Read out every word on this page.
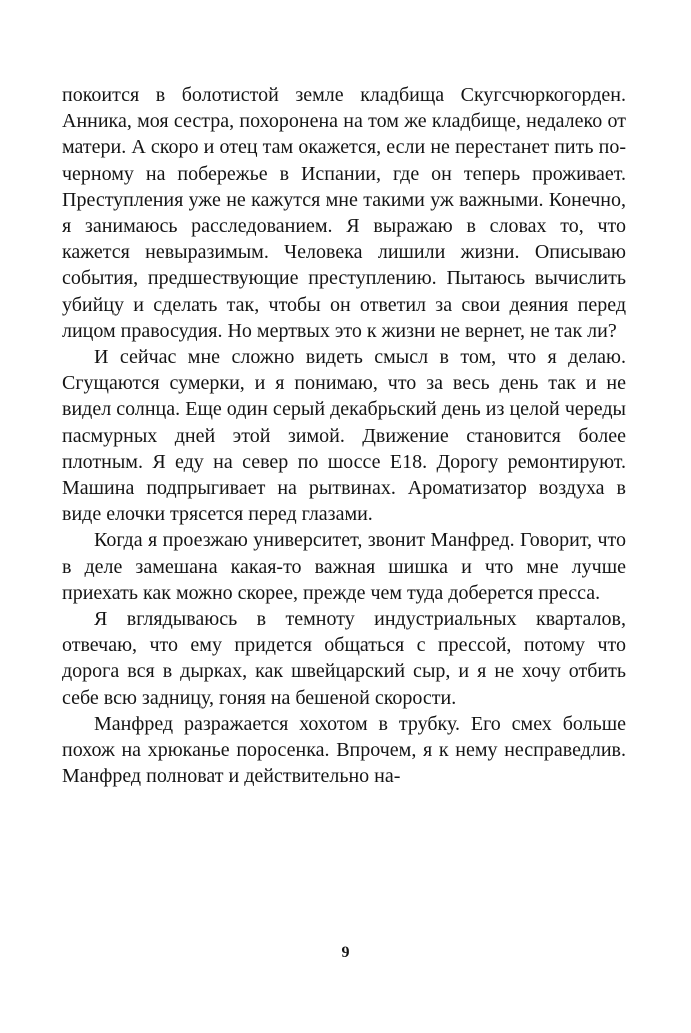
покоится в болотистой земле кладбища Скугсчюркогорден. Анника, моя сестра, похоронена на том же кладбище, недалеко от матери. А скоро и отец там окажется, если не перестанет пить по-черному на побережье в Испании, где он теперь проживает. Преступления уже не кажутся мне такими уж важными. Конечно, я занимаюсь расследованием. Я выражаю в словах то, что кажется невыразимым. Человека лишили жизни. Описываю события, предшествующие преступлению. Пытаюсь вычислить убийцу и сделать так, чтобы он ответил за свои деяния перед лицом правосудия. Но мертвых это к жизни не вернет, не так ли?

И сейчас мне сложно видеть смысл в том, что я делаю. Сгущаются сумерки, и я понимаю, что за весь день так и не видел солнца. Еще один серый декабрьский день из целой череды пасмурных дней этой зимой. Движение становится более плотным. Я еду на север по шоссе E18. Дорогу ремонтируют. Машина подпрыгивает на рытвинах. Ароматизатор воздуха в виде елочки трясется перед глазами.

Когда я проезжаю университет, звонит Манфред. Говорит, что в деле замешана какая-то важная шишка и что мне лучше приехать как можно скорее, прежде чем туда доберется пресса.

Я вглядываюсь в темноту индустриальных кварталов, отвечаю, что ему придется общаться с прессой, потому что дорога вся в дырках, как швейцарский сыр, и я не хочу отбить себе всю задницу, гоняя на бешеной скорости.

Манфред разражается хохотом в трубку. Его смех больше похож на хрюканье поросенка. Впрочем, я к нему несправедлив. Манфред полноват и действительно на-

9
